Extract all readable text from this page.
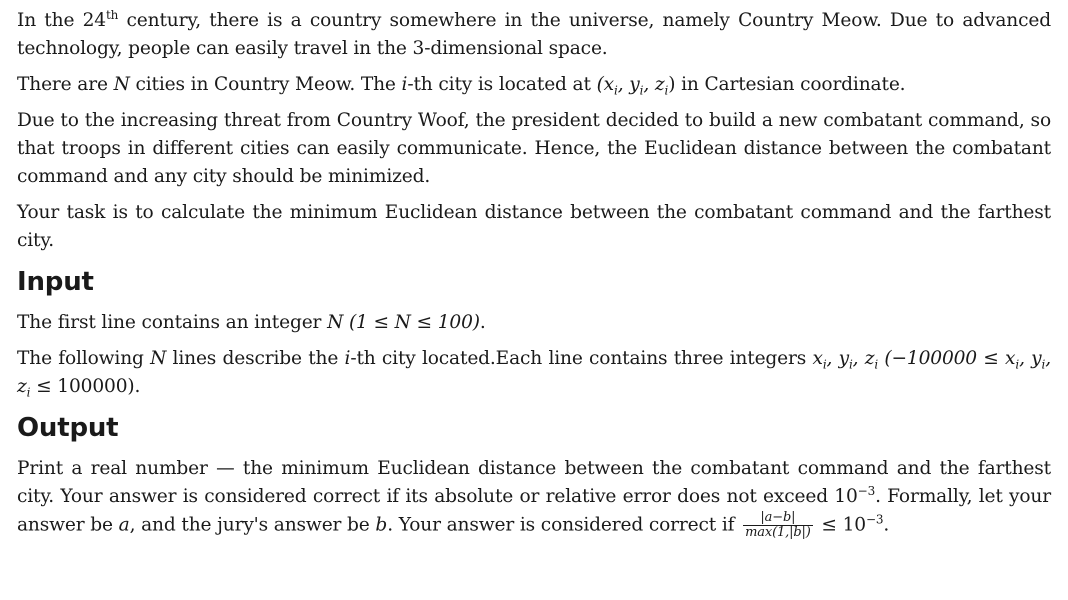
In the 24th century, there is a country somewhere in the universe, namely Country Meow. Due to advanced technology, people can easily travel in the 3-dimensional space.

There are N cities in Country Meow. The i-th city is located at ($x_i$, $y_i$, $z_i$) in Cartesian coordinate.

Due to the increasing threat from Country Woof, the president decided to build a new combatant command, so that troops in different cities can easily communicate. Hence, the Euclidean distance between the combatant command and any city should be minimized.

Your task is to calculate the minimum Euclidean distance between the combatant command and the farthest city.

Input

The first line contains an integer N (1 ≤ N ≤ 100).

The following N lines describe the i-th city located.Each line contains three integers $x_i$, $y_i$, $z_i$ ($-100000 \le x_i$, $y_i$, $z_i \le 100000$).

Output

Print a real number — the minimum Euclidean distance between the combatant command and the farthest city. Your answer is considered correct if its absolute or relative error does not exceed $10^{-3}$. Formally, let your answer be a, and the jury's answer be b. Your answer is considered correct if $\frac{|a-b|}{\max(1,|b|)} \le 10^{-3}$.
